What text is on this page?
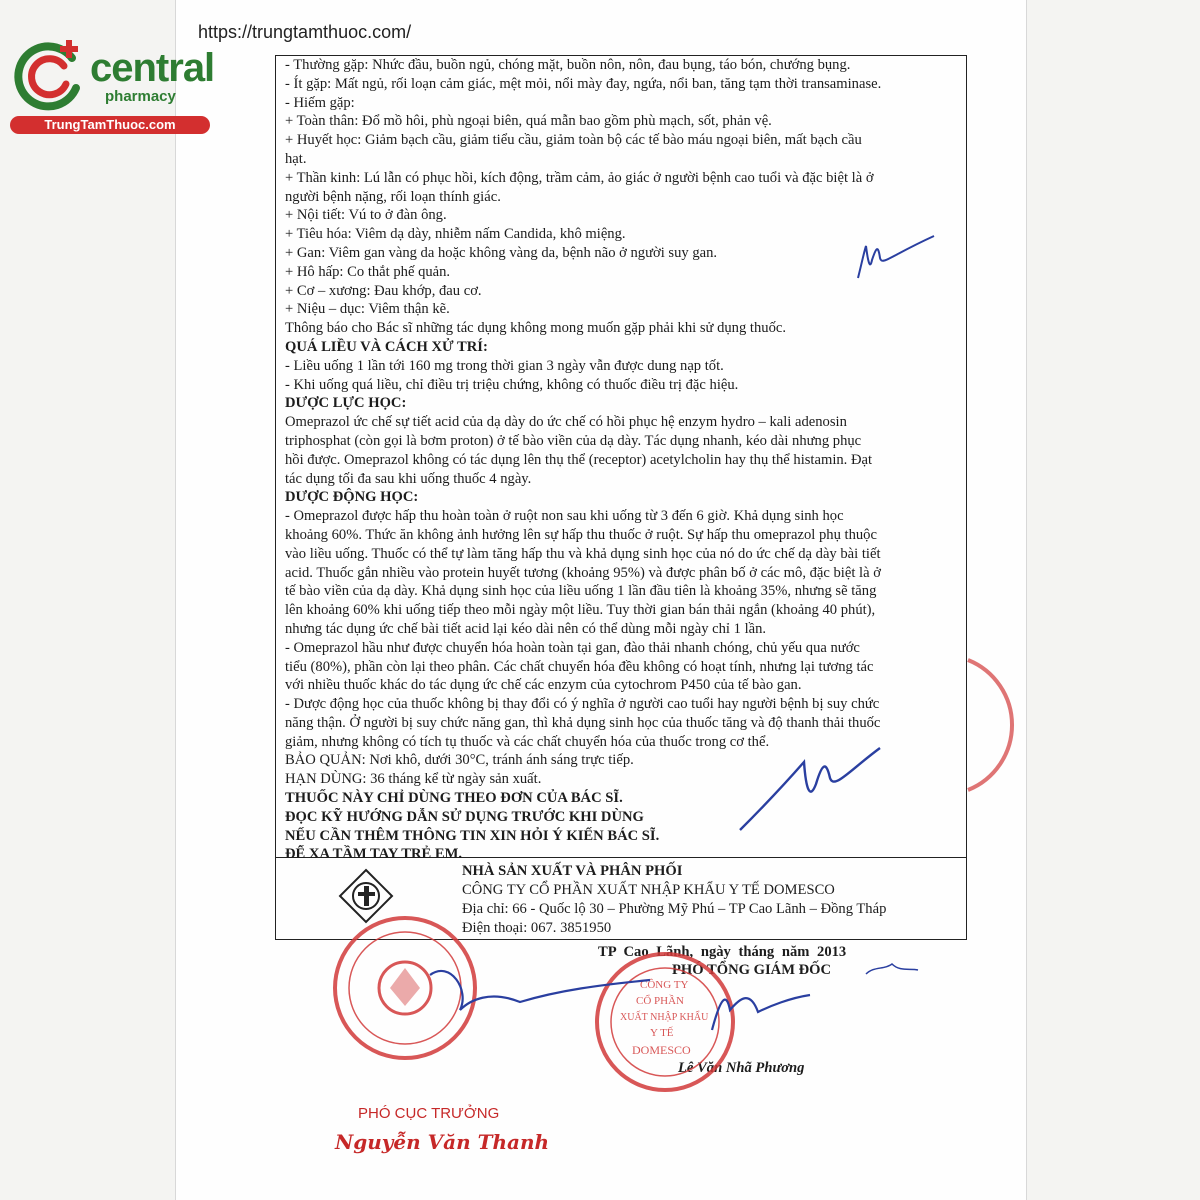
https://trungtamthuoc.com/
central
pharmacy
TrungTamThuoc.com
- Thường gặp: Nhức đầu, buồn ngủ, chóng mặt, buồn nôn, nôn, đau bụng, táo bón, chướng bụng.
- Ít gặp: Mất ngủ, rối loạn cảm giác, mệt mỏi, nổi mày đay, ngứa, nổi ban, tăng tạm thời transaminase.
- Hiếm gặp:
+ Toàn thân: Đổ mồ hôi, phù ngoại biên, quá mẫn bao gồm phù mạch, sốt, phản vệ.
+ Huyết học: Giảm bạch cầu, giảm tiểu cầu, giảm toàn bộ các tế bào máu ngoại biên, mất bạch cầu
hạt.
+ Thần kinh: Lú lẫn có phục hồi, kích động, trầm cảm, ảo giác ở người bệnh cao tuổi và đặc biệt là ở
người bệnh nặng, rối loạn thính giác.
+ Nội tiết: Vú to ở đàn ông.
+ Tiêu hóa: Viêm dạ dày, nhiễm nấm Candida, khô miệng.
+ Gan: Viêm gan vàng da hoặc không vàng da, bệnh não ở người suy gan.
+ Hô hấp: Co thắt phế quản.
+ Cơ – xương: Đau khớp, đau cơ.
+ Niệu – dục: Viêm thận kẽ.
Thông báo cho Bác sĩ những tác dụng không mong muốn gặp phải khi sử dụng thuốc.
QUÁ LIỀU VÀ CÁCH XỬ TRÍ:
- Liều uống 1 lần tới 160 mg trong thời gian 3 ngày vẫn được dung nạp tốt.
- Khi uống quá liều, chỉ điều trị triệu chứng, không có thuốc điều trị đặc hiệu.
DƯỢC LỰC HỌC:
Omeprazol ức chế sự tiết acid của dạ dày do ức chế có hồi phục hệ enzym hydro – kali adenosin
triphosphat (còn gọi là bơm proton) ở tế bào viền của dạ dày. Tác dụng nhanh, kéo dài nhưng phục
hồi được. Omeprazol không có tác dụng lên thụ thể (receptor) acetylcholin hay thụ thể histamin. Đạt
tác dụng tối đa sau khi uống thuốc 4 ngày.
DƯỢC ĐỘNG HỌC:
- Omeprazol được hấp thu hoàn toàn ở ruột non sau khi uống từ 3 đến 6 giờ. Khả dụng sinh học
khoảng 60%. Thức ăn không ảnh hưởng lên sự hấp thu thuốc ở ruột. Sự hấp thu omeprazol phụ thuộc
vào liều uống. Thuốc có thể tự làm tăng hấp thu và khả dụng sinh học của nó do ức chế dạ dày bài tiết
acid. Thuốc gắn nhiều vào protein huyết tương (khoảng 95%) và được phân bố ở các mô, đặc biệt là ở
tế bào viền của dạ dày. Khả dụng sinh học của liều uống 1 lần đầu tiên là khoảng 35%, nhưng sẽ tăng
lên khoảng 60% khi uống tiếp theo mỗi ngày một liều. Tuy thời gian bán thải ngắn (khoảng 40 phút),
nhưng tác dụng ức chế bài tiết acid lại kéo dài nên có thể dùng mỗi ngày chỉ 1 lần.
- Omeprazol hầu như được chuyển hóa hoàn toàn tại gan, đào thải nhanh chóng, chủ yếu qua nước
tiểu (80%), phần còn lại theo phân. Các chất chuyển hóa đều không có hoạt tính, nhưng lại tương tác
với nhiều thuốc khác do tác dụng ức chế các enzym của cytochrom P450 của tế bào gan.
- Dược động học của thuốc không bị thay đổi có ý nghĩa ở người cao tuổi hay người bệnh bị suy chức
năng thận. Ở người bị suy chức năng gan, thì khả dụng sinh học của thuốc tăng và độ thanh thải thuốc
giảm, nhưng không có tích tụ thuốc và các chất chuyển hóa của thuốc trong cơ thể.
BẢO QUẢN: Nơi khô, dưới 30°C, tránh ánh sáng trực tiếp.
HẠN DÙNG: 36 tháng kể từ ngày sản xuất.
THUỐC NÀY CHỈ DÙNG THEO ĐƠN CỦA BÁC SĨ.
ĐỌC KỸ HƯỚNG DẪN SỬ DỤNG TRƯỚC KHI DÙNG
NẾU CẦN THÊM THÔNG TIN XIN HỎI Ý KIẾN BÁC SĨ.
ĐỂ XA TẦM TAY TRẺ EM.
NHÀ SẢN XUẤT VÀ PHÂN PHỐI
CÔNG TY CỔ PHẦN XUẤT NHẬP KHẨU Y TẾ DOMESCO
Địa chỉ: 66 - Quốc lộ 30 – Phường Mỹ Phú – TP Cao Lãnh – Đồng Tháp
Điện thoại: 067. 3851950
TP Cao Lãnh, ngày tháng năm 2013
PHÓ TỔNG GIÁM ĐỐC
Lê Văn Nhã Phương
PHÓ CỤC TRƯỞNG
Nguyễn Văn Thanh
CÔNG TY
CỔ PHẦN
XUẤT NHẬP KHẨU
Y TẾ
DOMESCO
